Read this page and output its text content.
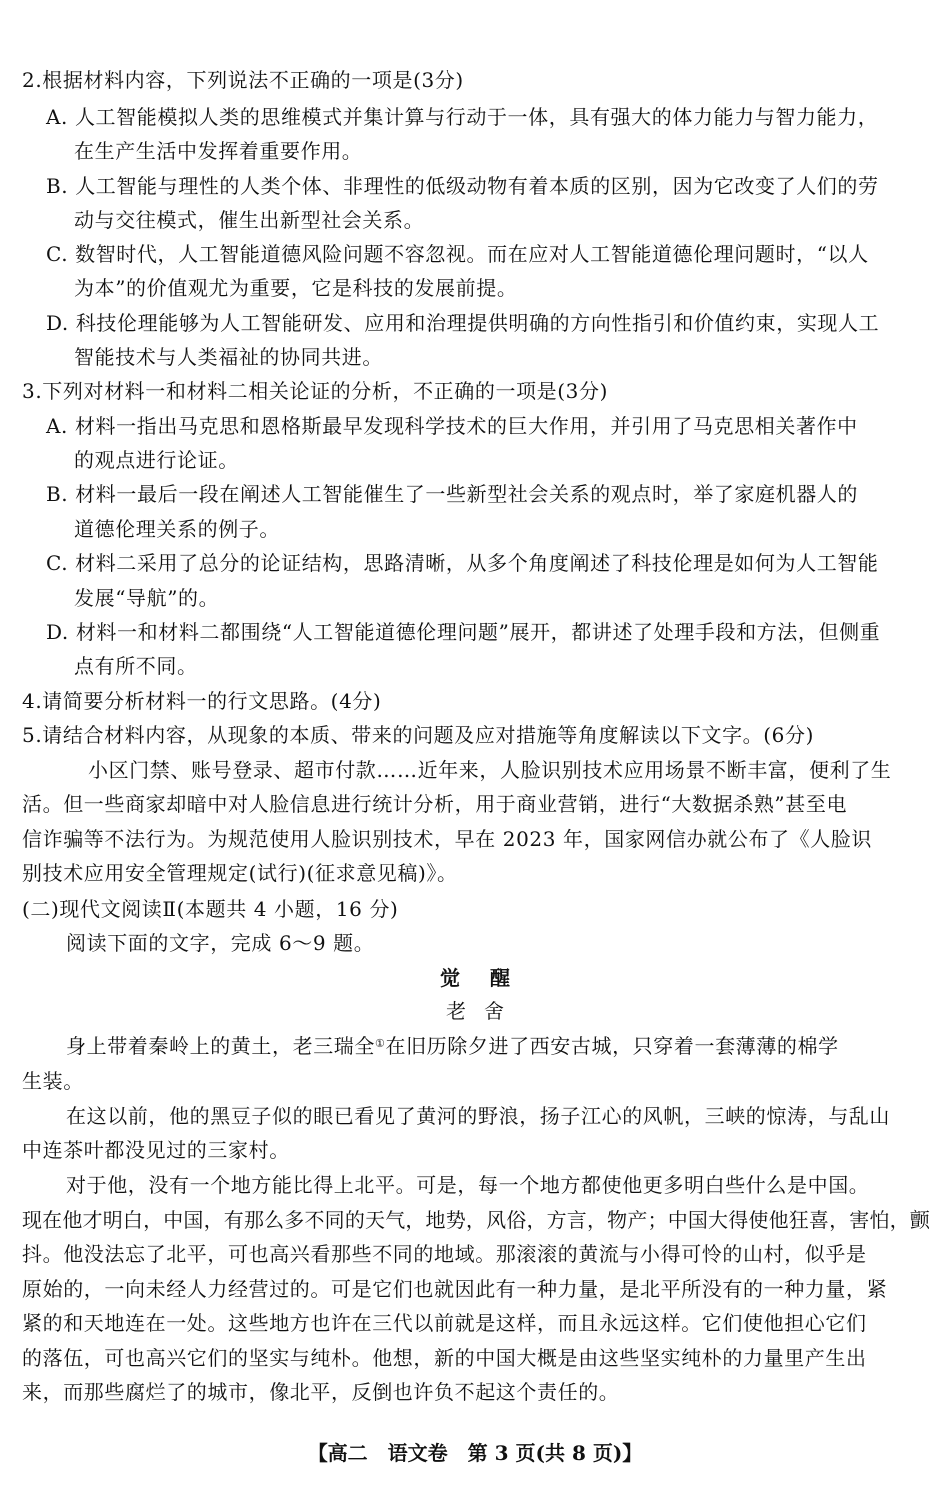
2.根据材料内容，下列说法不正确的一项是(3分)
A. 人工智能模拟人类的思维模式并集计算与行动于一体，具有强大的体力能力与智力能力，
在生产生活中发挥着重要作用。
B. 人工智能与理性的人类个体、非理性的低级动物有着本质的区别，因为它改变了人们的劳
动与交往模式，催生出新型社会关系。
C. 数智时代，人工智能道德风险问题不容忽视。而在应对人工智能道德伦理问题时，“以人
为本”的价值观尤为重要，它是科技的发展前提。
D. 科技伦理能够为人工智能研发、应用和治理提供明确的方向性指引和价值约束，实现人工
智能技术与人类福祉的协同共进。
3.下列对材料一和材料二相关论证的分析，不正确的一项是(3分)
A. 材料一指出马克思和恩格斯最早发现科学技术的巨大作用，并引用了马克思相关著作中
的观点进行论证。
B. 材料一最后一段在阐述人工智能催生了一些新型社会关系的观点时，举了家庭机器人的
道德伦理关系的例子。
C. 材料二采用了总分的论证结构，思路清晰，从多个角度阐述了科技伦理是如何为人工智能
发展“导航”的。
D. 材料一和材料二都围绕“人工智能道德伦理问题”展开，都讲述了处理手段和方法，但侧重
点有所不同。
4.请简要分析材料一的行文思路。(4分)
5.请结合材料内容，从现象的本质、带来的问题及应对措施等角度解读以下文字。(6分)
小区门禁、账号登录、超市付款……近年来，人脸识别技术应用场景不断丰富，便利了生
活。但一些商家却暗中对人脸信息进行统计分析，用于商业营销，进行“大数据杀熟”甚至电
信诈骗等不法行为。为规范使用人脸识别技术，早在 2023 年，国家网信办就公布了《人脸识
别技术应用安全管理规定(试行)(征求意见稿)》。
(二)现代文阅读Ⅱ(本题共 4 小题，16 分)
阅读下面的文字，完成 6～9 题。
觉醒
老舍
身上带着秦岭上的黄土，老三瑞全①在旧历除夕进了西安古城，只穿着一套薄薄的棉学
生装。
在这以前，他的黑豆子似的眼已看见了黄河的野浪，扬子江心的风帆，三峡的惊涛，与乱山
中连茶叶都没见过的三家村。
对于他，没有一个地方能比得上北平。可是，每一个地方都使他更多明白些什么是中国。
现在他才明白，中国，有那么多不同的天气，地势，风俗，方言，物产；中国大得使他狂喜，害怕，颤
抖。他没法忘了北平，可也高兴看那些不同的地域。那滚滚的黄流与小得可怜的山村，似乎是
原始的，一向未经人力经营过的。可是它们也就因此有一种力量，是北平所没有的一种力量，紧
紧的和天地连在一处。这些地方也许在三代以前就是这样，而且永远这样。它们使他担心它们
的落伍，可也高兴它们的坚实与纯朴。他想，新的中国大概是由这些坚实纯朴的力量里产生出
来，而那些腐烂了的城市，像北平，反倒也许负不起这个责任的。
【高二　语文卷　第 3 页(共 8 页)】
